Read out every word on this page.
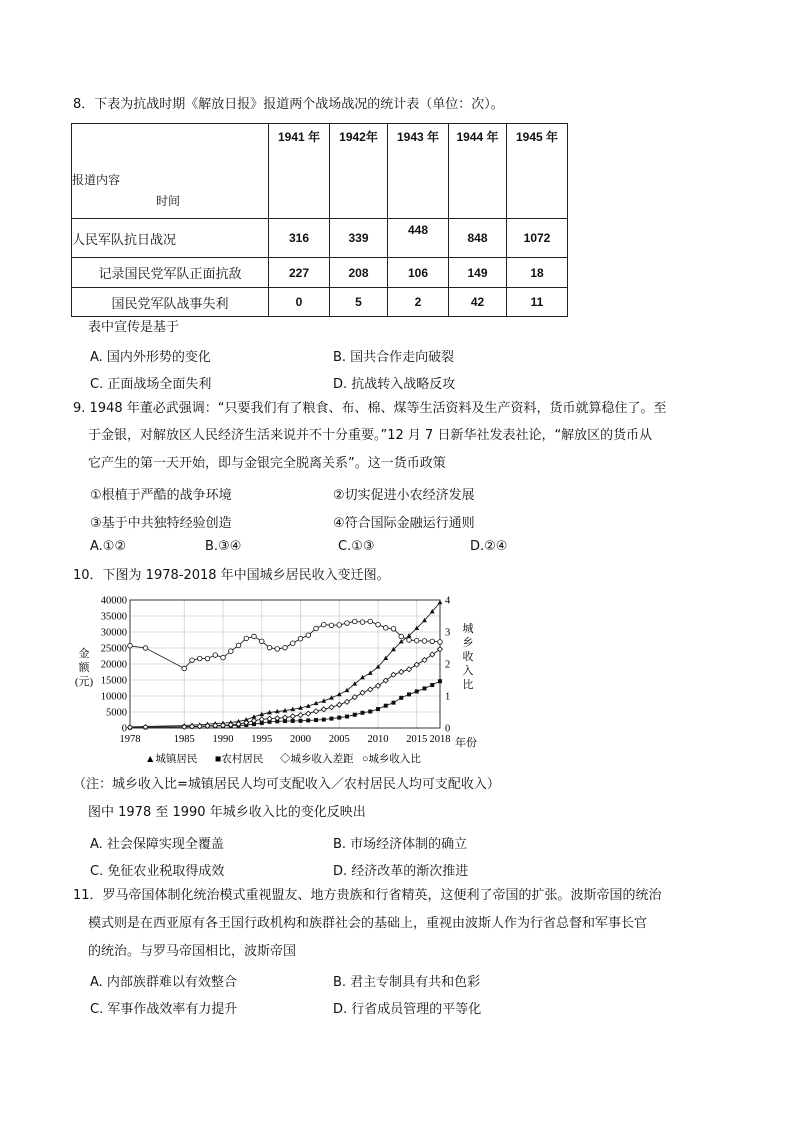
8．下表为抗战时期《解放日报》报道两个战场战况的统计表（单位：次）。
报道内容
时间	1941 年	1942年	1943 年	1944 年	1945 年
人民军队抗日战况	316	339	448	848	1072
记录国民党军队正面抗敌	227	208	106	149	18
国民党军队战事失利	0	5	2	42	11
表中宣传是基于
A. 国内外形势的变化	B. 国共合作走向破裂
C. 正面战场全面失利	D. 抗战转入战略反攻
9. 1948 年董必武强调：“只要我们有了粮食、布、棉、煤等生活资料及生产资料，货币就算稳住了。至
于金银，对解放区人民经济生活来说并不十分重要。”12 月 7 日新华社发表社论，“解放区的货币从
它产生的第一天开始，即与金银完全脱离关系”。这一货币政策
①根植于严酷的战争环境	②切实促进小农经济发展
③基于中共独特经验创造	④符合国际金融运行通则
A.①②	B.③④	C.①③	D.②④
10．下图为 1978-2018 年中国城乡居民收入变迁图。
0
5000
10000
15000
20000
25000
30000
35000
40000
0
1
2
3
4
1978	1985 1990 1995 2000 2005 2010 2015 2018
金额(元)
城乡收入比
年份
▲城镇居民 ■农村居民 ◇城乡收入差距 ○城乡收入比
（注：城乡收入比=城镇居民人均可支配收入／农村居民人均可支配收入）
图中 1978 至 1990 年城乡收入比的变化反映出
A. 社会保障实现全覆盖	B. 市场经济体制的确立
C. 免征农业税取得成效	D. 经济改革的渐次推进
11．罗马帝国体制化统治模式重视盟友、地方贵族和行省精英，这便利了帝国的扩张。波斯帝国的统治
模式则是在西亚原有各王国行政机构和族群社会的基础上，重视由波斯人作为行省总督和军事长官
的统治。与罗马帝国相比，波斯帝国
A. 内部族群难以有效整合	B. 君主专制具有共和色彩
C. 军事作战效率有力提升	D. 行省成员管理的平等化
